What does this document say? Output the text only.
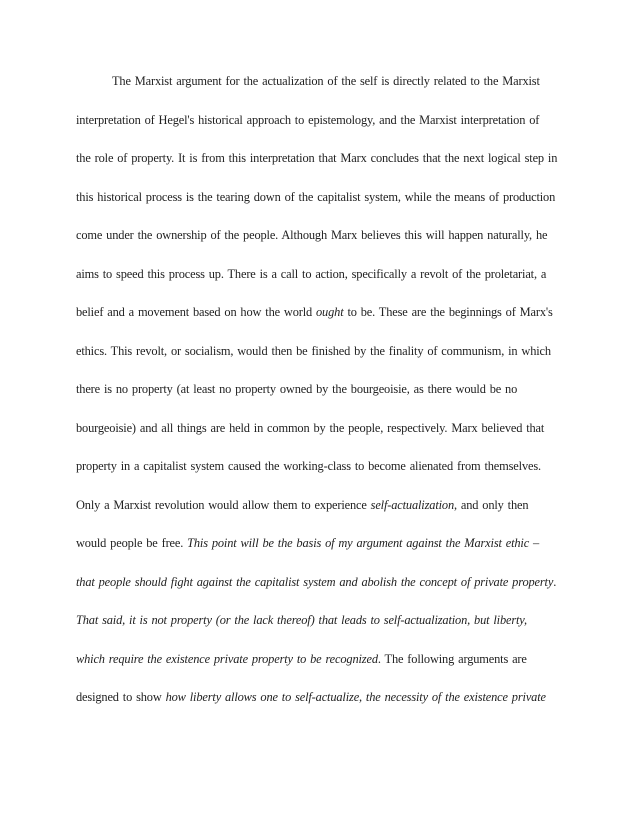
The Marxist argument for the actualization of the self is directly related to the Marxist
interpretation of Hegel's historical approach to epistemology, and the Marxist interpretation of
the role of property. It is from this interpretation that Marx concludes that the next logical step in
this historical process is the tearing down of the capitalist system, while the means of production
come under the ownership of the people. Although Marx believes this will happen naturally, he
aims to speed this process up. There is a call to action, specifically a revolt of the proletariat, a
belief and a movement based on how the world ought to be. These are the beginnings of Marx's
ethics. This revolt, or socialism, would then be finished by the finality of communism, in which
there is no property (at least no property owned by the bourgeoisie, as there would be no
bourgeoisie) and all things are held in common by the people, respectively. Marx believed that
property in a capitalist system caused the working-class to become alienated from themselves.
Only a Marxist revolution would allow them to experience self-actualization, and only then
would people be free. This point will be the basis of my argument against the Marxist ethic –
that people should fight against the capitalist system and abolish the concept of private property.
That said, it is not property (or the lack thereof) that leads to self-actualization, but liberty,
which require the existence private property to be recognized. The following arguments are
designed to show how liberty allows one to self-actualize, the necessity of the existence private
